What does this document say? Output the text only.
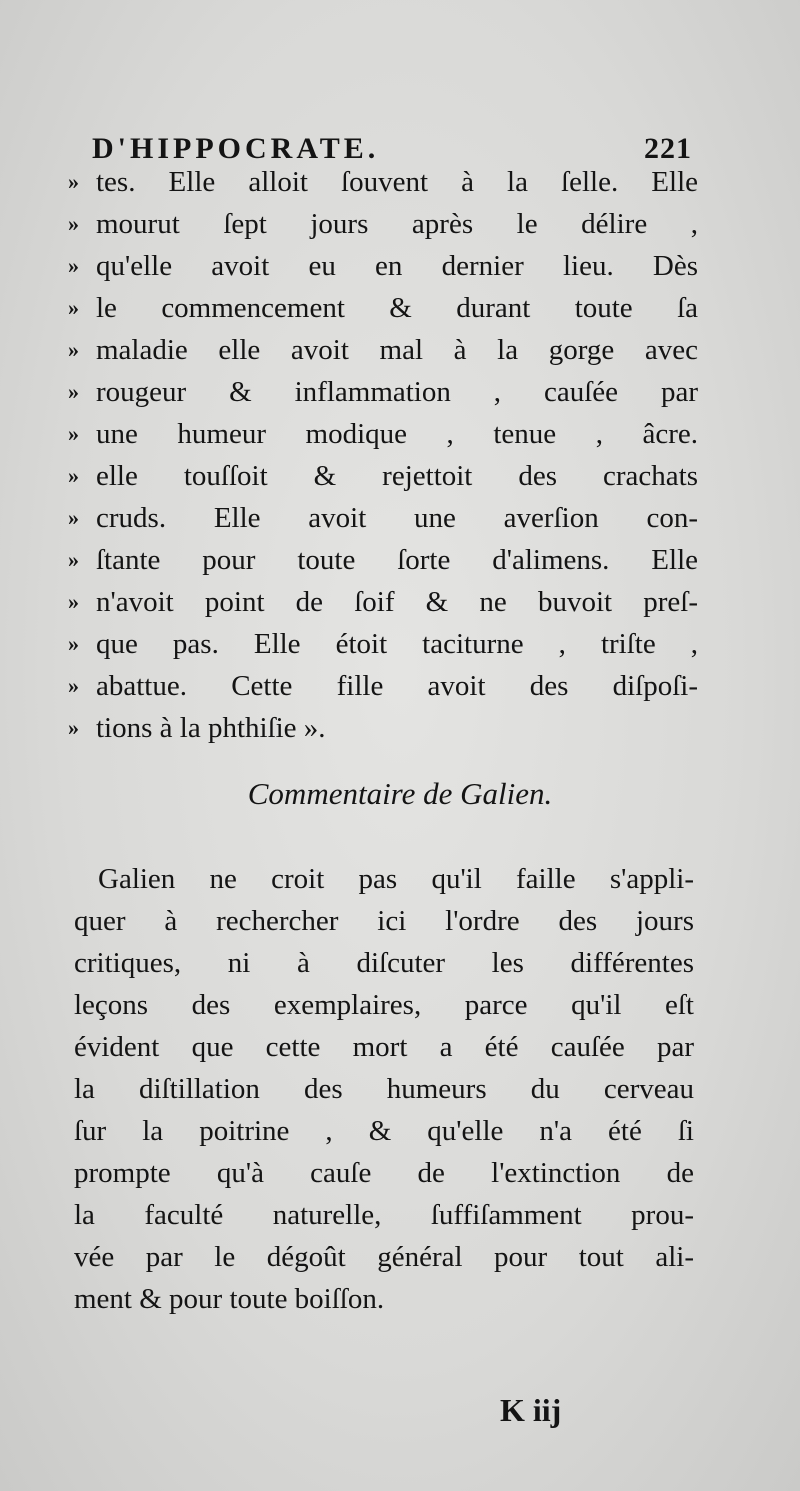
D'HIPPOCRATE.	221
» tes. Elle alloit ſouvent à la ſelle. Elle
» mourut ſept jours après le délire ,
» qu'elle avoit eu en dernier lieu. Dès
» le commencement & durant toute ſa
» maladie elle avoit mal à la gorge avec
» rougeur & inflammation , cauſée par
» une humeur modique , tenue , âcre.
» elle touſſoit & rejettoit des crachats
» cruds. Elle avoit une averſion con-
» ſtante pour toute ſorte d'alimens. Elle
» n'avoit point de ſoif & ne buvoit preſ-
» que pas. Elle étoit taciturne , triſte ,
» abattue. Cette fille avoit des diſpoſi-
» tions à la phthiſie ».
Commentaire de Galien.
Galien ne croit pas qu'il faille s'appli-
quer à rechercher ici l'ordre des jours
critiques, ni à diſcuter les différentes
leçons des exemplaires, parce qu'il eſt
évident que cette mort a été cauſée par
la diſtillation des humeurs du cerveau
ſur la poitrine , & qu'elle n'a été ſi
prompte qu'à cauſe de l'extinction de
la faculté naturelle, ſuffiſamment prou-
vée par le dégoût général pour tout ali-
ment & pour toute boiſſon.
K iij
